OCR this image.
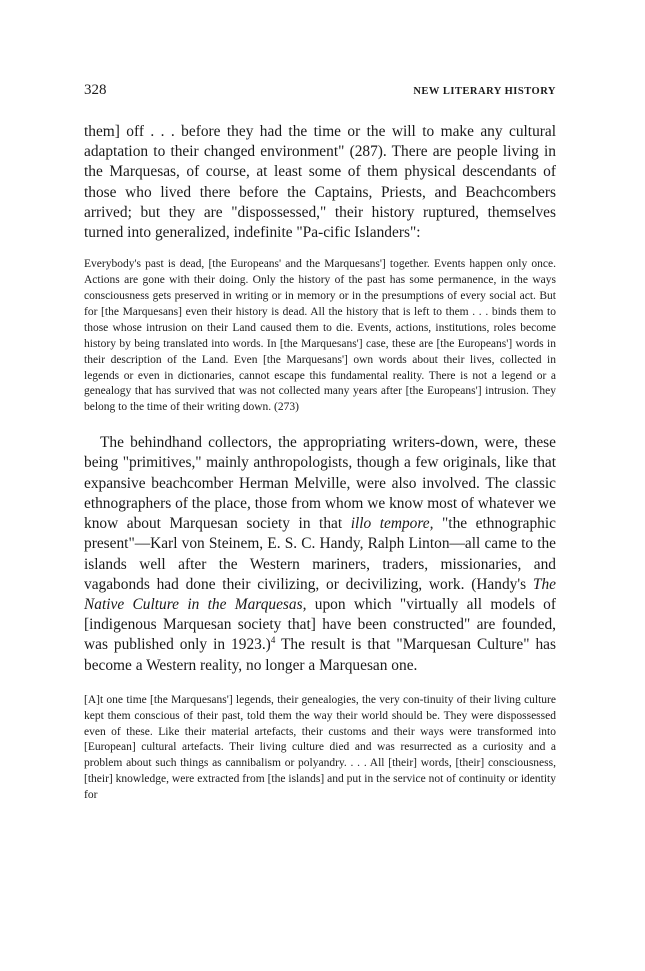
328	NEW LITERARY HISTORY

them] off . . . before they had the time or the will to make any cultural adaptation to their changed environment" (287). There are people living in the Marquesas, of course, at least some of them physical descendants of those who lived there before the Captains, Priests, and Beachcombers arrived; but they are "dispossessed," their history ruptured, themselves turned into generalized, indefinite "Pa-cific Islanders":

Everybody's past is dead, [the Europeans' and the Marquesans'] together. Events happen only once. Actions are gone with their doing. Only the history of the past has some permanence, in the ways consciousness gets preserved in writing or in memory or in the presumptions of every social act. But for [the Marquesans] even their history is dead. All the history that is left to them . . . binds them to those whose intrusion on their Land caused them to die. Events, actions, institutions, roles become history by being translated into words. In [the Marquesans'] case, these are [the Europeans'] words in their description of the Land. Even [the Marquesans'] own words about their lives, collected in legends or even in dictionaries, cannot escape this fundamental reality. There is not a legend or a genealogy that has survived that was not collected many years after [the Europeans'] intrusion. They belong to the time of their writing down. (273)

The behindhand collectors, the appropriating writers-down, were, these being "primitives," mainly anthropologists, though a few originals, like that expansive beachcomber Herman Melville, were also involved. The classic ethnographers of the place, those from whom we know most of whatever we know about Marquesan society in that illo tempore, "the ethnographic present"—Karl von Steinem, E. S. C. Handy, Ralph Linton—all came to the islands well after the Western mariners, traders, missionaries, and vagabonds had done their civilizing, or decivilizing, work. (Handy's The Native Culture in the Marquesas, upon which "virtually all models of [indigenous Marquesan society that] have been constructed" are founded, was published only in 1923.)$^4$ The result is that "Marquesan Culture" has become a Western reality, no longer a Marquesan one.

[A]t one time [the Marquesans'] legends, their genealogies, the very con-tinuity of their living culture kept them conscious of their past, told them the way their world should be. They were dispossessed even of these. Like their material artefacts, their customs and their ways were transformed into [European] cultural artefacts. Their living culture died and was resurrected as a curiosity and a problem about such things as cannibalism or polyandry. . . . All [their] words, [their] consciousness, [their] knowledge, were extracted from [the islands] and put in the service not of continuity or identity for
